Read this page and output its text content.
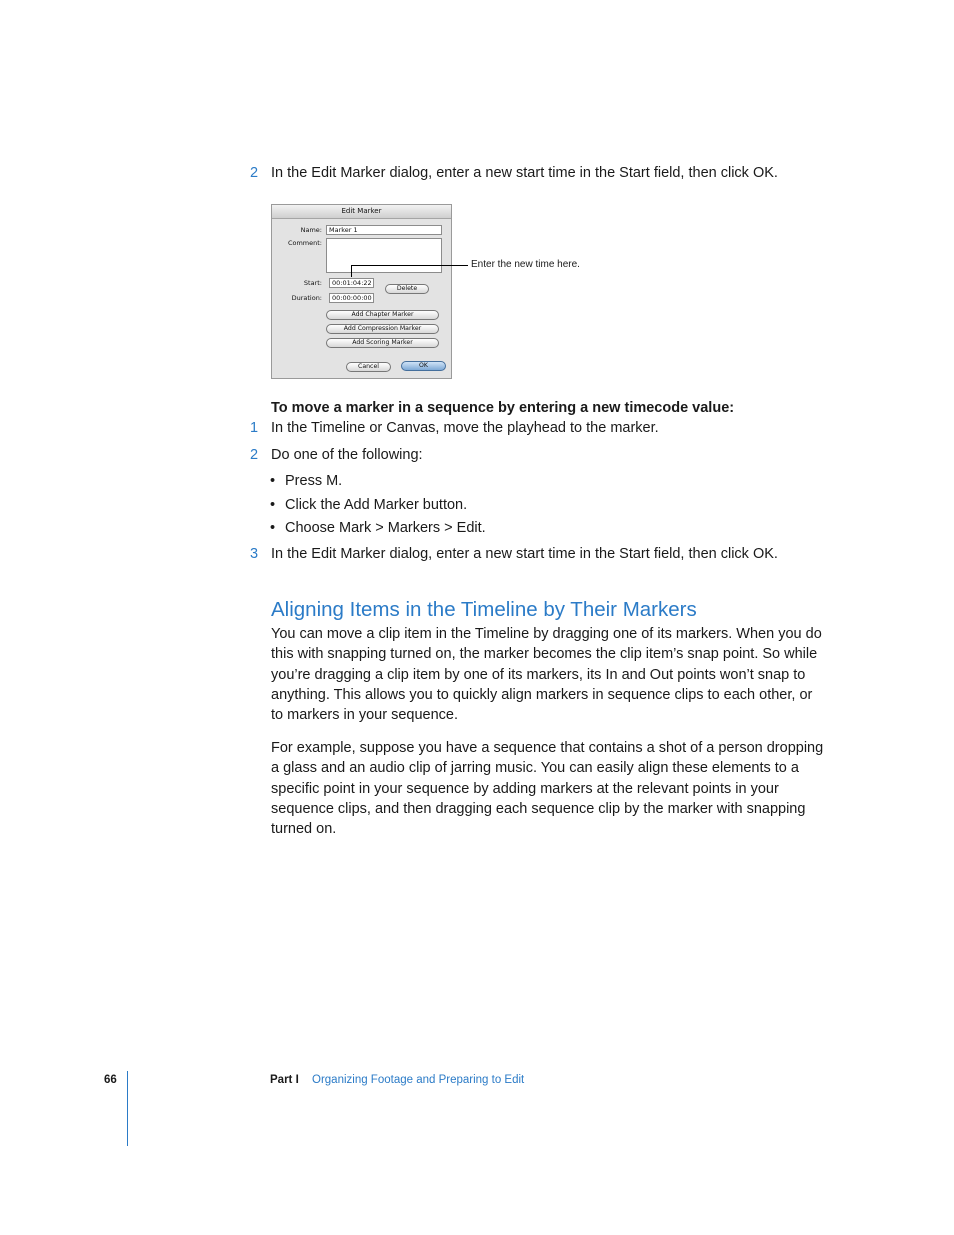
2 In the Edit Marker dialog, enter a new start time in the Start field, then click OK.
Edit Marker
Name:	Marker 1
Comment:
Start:	00:01:04:22
Duration:	00:00:00:00
Delete
Add Chapter Marker
Add Compression Marker
Add Scoring Marker
Cancel	OK
Enter the new time here.
To move a marker in a sequence by entering a new timecode value:
1 In the Timeline or Canvas, move the playhead to the marker.
2 Do one of the following:
• Press M.
• Click the Add Marker button.
• Choose Mark > Markers > Edit.
3 In the Edit Marker dialog, enter a new start time in the Start field, then click OK.
Aligning Items in the Timeline by Their Markers
You can move a clip item in the Timeline by dragging one of its markers. When you do this with snapping turned on, the marker becomes the clip item’s snap point. So while you’re dragging a clip item by one of its markers, its In and Out points won’t snap to anything. This allows you to quickly align markers in sequence clips to each other, or to markers in your sequence.
For example, suppose you have a sequence that contains a shot of a person dropping a glass and an audio clip of jarring music. You can easily align these elements to a specific point in your sequence by adding markers at the relevant points in your sequence clips, and then dragging each sequence clip by the marker with snapping turned on.
66	Part I Organizing Footage and Preparing to Edit
